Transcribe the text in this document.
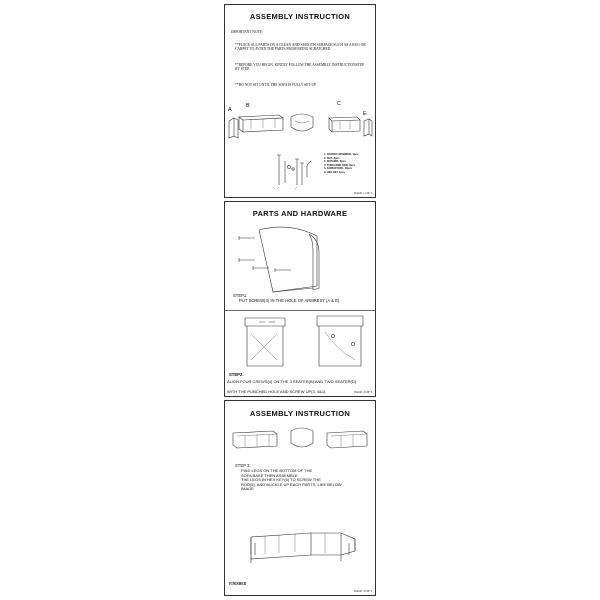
ASSEMBLY INSTRUCTION
IMPORTANT NOTE:
**PLACE ALL PARTS ON A CLEAN AND SMOOTH SURFACE SUCH AS A RUG OR CARPET TO AVOID THE PARTS FROM BEING SCRATCHED.
**BEFORE YOU BEGIN, KINDLY FOLLOW THE ASSEMBLY INSTRUCTIONSTEP BY STEP.
**DO NOT SIT UNTIL THE SOFA IS FULLY SET-UP.
A
B	C
E
1. SOCKET SPANNER- 1pcs
2. NUT- 8pcs
3. WASHER- 8pcs
4. THREADED ROD- 8pcs
5. SCREW ROD- 10pcs
6. HEX KEY-1pcs
PAGE 1 OF 3
PARTS AND HARDWARE
STEP1:
PUT SCREW(4) IN THE HOLE OF ARMREST (A & E)
STEP2:
ALIGN FOUR CREWS(4) ON THE 3 SEATER(B) AND TWO SEATER(D)
WITH THE PUNCHED HOLE AND SCREW UP(3, 4&1).	PAGE 2 OF 3
ASSEMBLY INSTRUCTION
STEP 3:
FIND LEGS ON THE BOTTOM OF THE
SOFA BASE THEN ASSEMBLE
THE LEGS IN HEX KEY(6) TO SCREW THE
ROD(5), AND BUCKLE UP EACH PARTS, LIKE BELOW
IMAGE
FINISHED
PAGE 3 OF 3
